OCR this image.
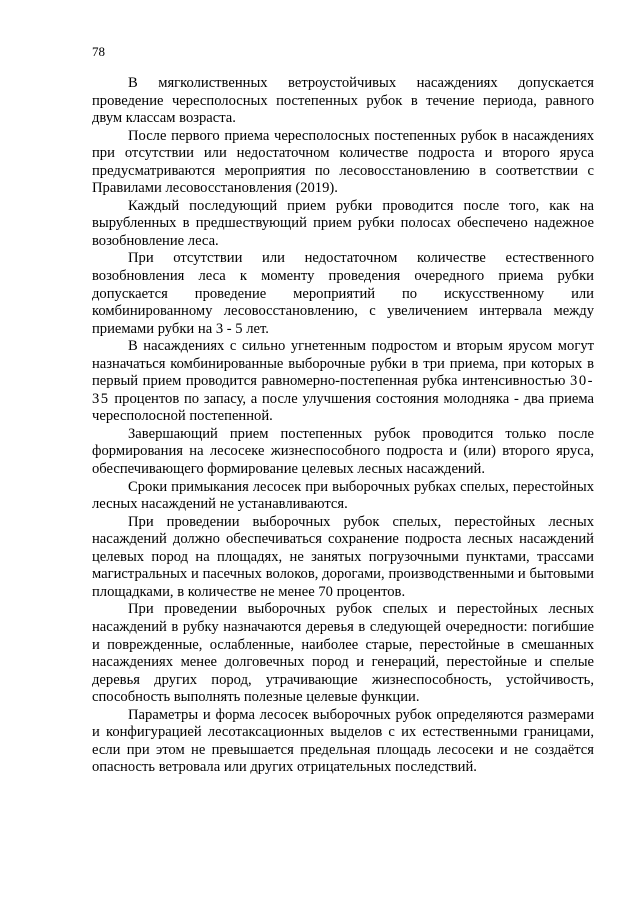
78

В мягколиственных ветроустойчивых насаждениях допускается проведение чересполосных постепенных рубок в течение периода, равного двум классам возраста.

После первого приема чересполосных постепенных рубок в насаждениях при отсутствии или недостаточном количестве подроста и второго яруса предусматриваются мероприятия по лесовосстановлению в соответствии с Правилами лесовосстановления (2019).

Каждый последующий прием рубки проводится после того, как на вырубленных в предшествующий прием рубки полосах обеспечено надежное возобновление леса.

При отсутствии или недостаточном количестве естественного возобновления леса к моменту проведения очередного приема рубки допускается проведение мероприятий по искусственному или комбинированному лесовосстановлению, с увеличением интервала между приемами рубки на 3 - 5 лет.

В насаждениях с сильно угнетенным подростом и вторым ярусом могут назначаться комбинированные выборочные рубки в три приема, при которых в первый прием проводится равномерно-постепенная рубка интенсивностью 30-35 процентов по запасу, а после улучшения состояния молодняка - два приема чересполосной постепенной.

Завершающий прием постепенных рубок проводится только после формирования на лесосеке жизнеспособного подроста и (или) второго яруса, обеспечивающего формирование целевых лесных насаждений.

Сроки примыкания лесосек при выборочных рубках спелых, перестойных лесных насаждений не устанавливаются.

При проведении выборочных рубок спелых, перестойных лесных насаждений должно обеспечиваться сохранение подроста лесных насаждений целевых пород на площадях, не занятых погрузочными пунктами, трассами магистральных и пасечных волоков, дорогами, производственными и бытовыми площадками, в количестве не менее 70 процентов.

При проведении выборочных рубок спелых и перестойных лесных насаждений в рубку назначаются деревья в следующей очередности: погибшие и поврежденные, ослабленные, наиболее старые, перестойные в смешанных насаждениях менее долговечных пород и генераций, перестойные и спелые деревья других пород, утрачивающие жизнеспособность, устойчивость, способность выполнять полезные целевые функции.

Параметры и форма лесосек выборочных рубок определяются размерами и конфигурацией лесотаксационных выделов с их естественными границами, если при этом не превышается предельная площадь лесосеки и не создаётся опасность ветровала или других отрицательных последствий.
